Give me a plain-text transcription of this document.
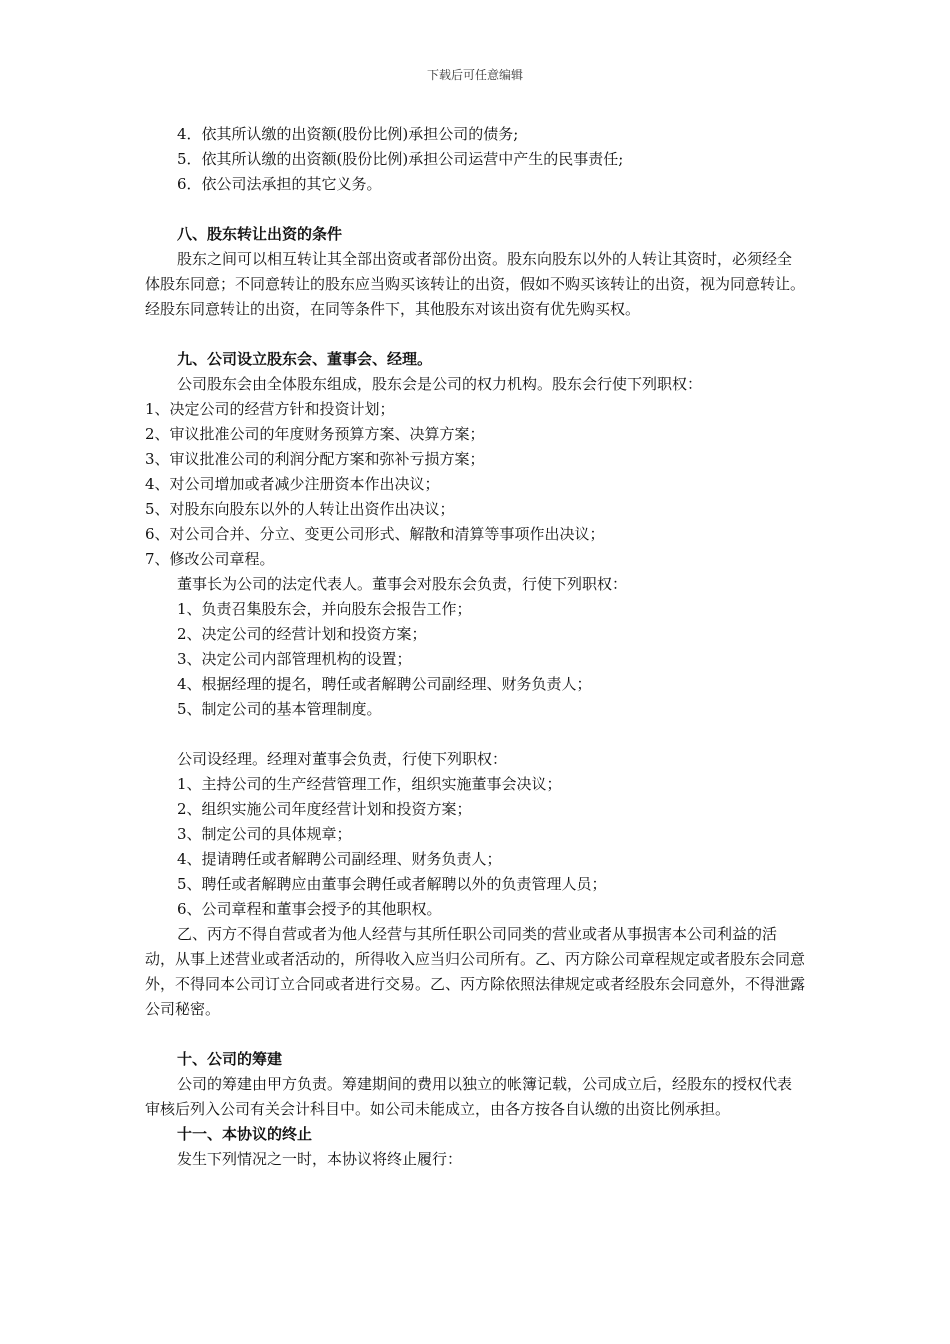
下载后可任意编辑

4．依其所认缴的出资额(股份比例)承担公司的债务;

5．依其所认缴的出资额(股份比例)承担公司运营中产生的民事责任;

6．依公司法承担的其它义务。

八、股东转让出资的条件

股东之间可以相互转让其全部出资或者部份出资。股东向股东以外的人转让其资时，必须经全体股东同意；不同意转让的股东应当购买该转让的出资，假如不购买该转让的出资，视为同意转让。经股东同意转让的出资，在同等条件下，其他股东对该出资有优先购买权。

九、公司设立股东会、董事会、经理。

公司股东会由全体股东组成，股东会是公司的权力机构。股东会行使下列职权：

1、决定公司的经营方针和投资计划；

2、审议批准公司的年度财务预算方案、决算方案；

3、审议批准公司的利润分配方案和弥补亏损方案；

4、对公司增加或者减少注册资本作出决议；

5、对股东向股东以外的人转让出资作出决议；

6、对公司合并、分立、变更公司形式、解散和清算等事项作出决议；

7、修改公司章程。

董事长为公司的法定代表人。董事会对股东会负责，行使下列职权：

1、负责召集股东会，并向股东会报告工作；

2、决定公司的经营计划和投资方案；

3、决定公司内部管理机构的设置；

4、根据经理的提名，聘任或者解聘公司副经理、财务负责人；

5、制定公司的基本管理制度。

公司设经理。经理对董事会负责，行使下列职权：

1、主持公司的生产经营管理工作，组织实施董事会决议；

2、组织实施公司年度经营计划和投资方案；

3、制定公司的具体规章；

4、提请聘任或者解聘公司副经理、财务负责人；

5、聘任或者解聘应由董事会聘任或者解聘以外的负责管理人员；

6、公司章程和董事会授予的其他职权。

乙、丙方不得自营或者为他人经营与其所任职公司同类的营业或者从事损害本公司利益的活动，从事上述营业或者活动的，所得收入应当归公司所有。乙、丙方除公司章程规定或者股东会同意外，不得同本公司订立合同或者进行交易。乙、丙方除依照法律规定或者经股东会同意外，不得泄露公司秘密。

十、公司的筹建

公司的筹建由甲方负责。筹建期间的费用以独立的帐簿记载，公司成立后，经股东的授权代表审核后列入公司有关会计科目中。如公司未能成立，由各方按各自认缴的出资比例承担。

十一、本协议的终止

发生下列情况之一时，本协议将终止履行：
